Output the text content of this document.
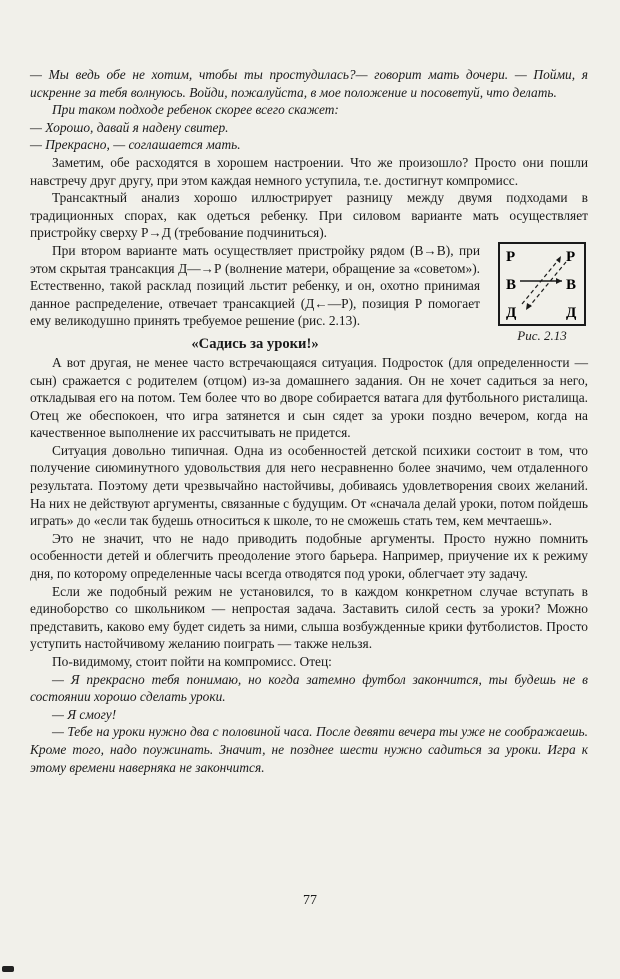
— Мы ведь обе не хотим, чтобы ты простудилась?— говорит мать дочери. — Пойми, я искренне за тебя волнуюсь. Войди, пожалуйста, в мое положение и посоветуй, что делать.

При таком подходе ребенок скорее всего скажет:

— Хорошо, давай я надену свитер.

— Прекрасно, — соглашается мать.

Заметим, обе расходятся в хорошем настроении. Что же произошло? Просто они пошли навстречу друг другу, при этом каждая немного уступила, т.е. достигнут компромисс.

Трансактный анализ хорошо иллюстрирует разницу между двумя подходами в традиционных спорах, как одеться ребенку. При силовом варианте мать осуществляет пристройку сверху Р→Д (требование подчиниться).

Р	Р
В	В
Д	Д
Рис. 2.13

При втором варианте мать осуществляет пристройку рядом (В→В), при этом скрытая трансакция Д—→Р (волнение матери, обращение за «советом»). Естественно, такой расклад позиций льстит ребенку, и он, охотно принимая данное распределение, отвечает трансакцией (Д←—Р), позиция Р помогает ему великодушно принять требуемое решение (рис. 2.13).

«Садись за уроки!»

А вот другая, не менее часто встречающаяся ситуация. Подросток (для определенности — сын) сражается с родителем (отцом) из-за домашнего задания. Он не хочет садиться за него, откладывая его на потом. Тем более что во дворе собирается ватага для футбольного ристалища. Отец же обеспокоен, что игра затянется и сын сядет за уроки поздно вечером, когда на качественное выполнение их рассчитывать не придется.

Ситуация довольно типичная. Одна из особенностей детской психики состоит в том, что получение сиюминутного удовольствия для него несравненно более значимо, чем отдаленного результата. Поэтому дети чрезвычайно настойчивы, добиваясь удовлетворения своих желаний. На них не действуют аргументы, связанные с будущим. От «сначала делай уроки, потом пойдешь играть» до «если так будешь относиться к школе, то не сможешь стать тем, кем мечтаешь».

Это не значит, что не надо приводить подобные аргументы. Просто нужно помнить особенности детей и облегчить преодоление этого барьера. Например, приучение их к режиму дня, по которому определенные часы всегда отводятся под уроки, облегчает эту задачу.

Если же подобный режим не установился, то в каждом конкретном случае вступать в единоборство со школьником — непростая задача. Заставить силой сесть за уроки? Можно представить, каково ему будет сидеть за ними, слыша возбужденные крики футболистов. Просто уступить настойчивому желанию поиграть — также нельзя.

По-видимому, стоит пойти на компромисс. Отец:

— Я прекрасно тебя понимаю, но когда затемно футбол закончится, ты будешь не в состоянии хорошо сделать уроки.

— Я смогу!

— Тебе на уроки нужно два с половиной часа. После девяти вечера ты уже не соображаешь. Кроме того, надо поужинать. Значит, не позднее шести нужно садиться за уроки. Игра к этому времени наверняка не закончится.

77
